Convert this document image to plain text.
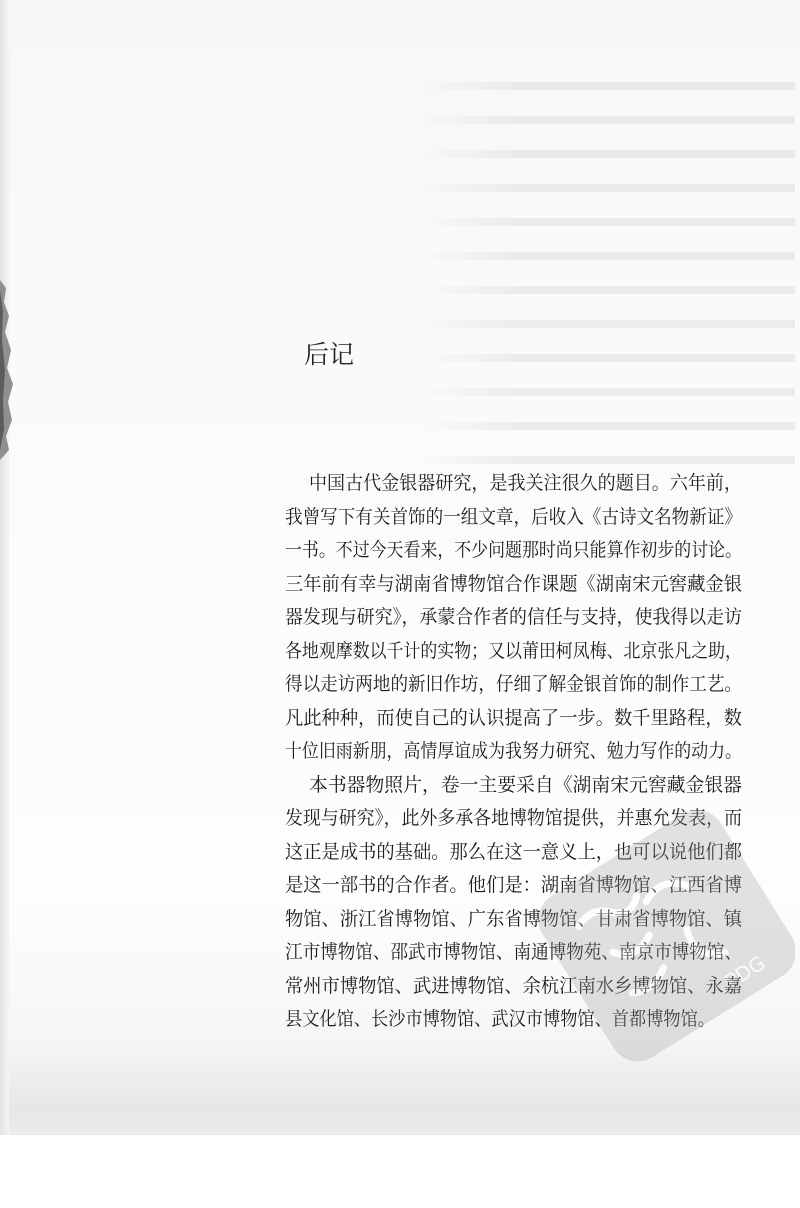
后记
中国古代金银器研究，是我关注很久的题目。六年前，
我曾写下有关首饰的一组文章，后收入《古诗文名物新证》
一书。不过今天看来，不少问题那时尚只能算作初步的讨论。
三年前有幸与湖南省博物馆合作课题《湖南宋元窖藏金银
器发现与研究》，承蒙合作者的信任与支持，使我得以走访
各地观摩数以千计的实物；又以莆田柯凤梅、北京张凡之助，
得以走访两地的新旧作坊，仔细了解金银首饰的制作工艺。
凡此种种，而使自己的认识提高了一步。数千里路程，数
十位旧雨新朋，高情厚谊成为我努力研究、勉力写作的动力。
本书器物照片，卷一主要采自《湖南宋元窖藏金银器
发现与研究》，此外多承各地博物馆提供，并惠允发表，而
这正是成书的基础。那么在这一意义上，也可以说他们都
是这一部书的合作者。他们是：湖南省博物馆、江西省博
物馆、浙江省博物馆、广东省博物馆、甘肃省博物馆、镇
江市博物馆、邵武市博物馆、南通博物苑、南京市博物馆、
常州市博物馆、武进博物馆、余杭江南水乡博物馆、永嘉
县文化馆、长沙市博物馆、武汉市博物馆、首都博物馆。
PDG
